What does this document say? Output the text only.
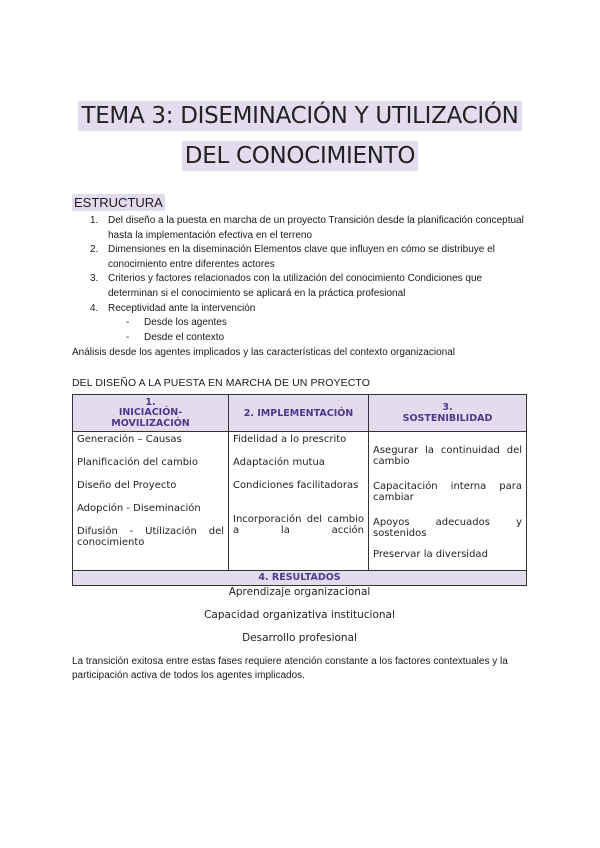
TEMA 3: DISEMINACIÓN Y UTILIZACIÓN
DEL CONOCIMIENTO
ESTRUCTURA
1. Del diseño a la puesta en marcha de un proyecto Transición desde la planificación conceptual hasta la implementación efectiva en el terreno
2. Dimensiones en la diseminación Elementos clave que influyen en cómo se distribuye el conocimiento entre diferentes actores
3. Criterios y factores relacionados con la utilización del conocimiento Condiciones que determinan si el conocimiento se aplicará en la práctica profesional
4. Receptividad ante la intervención
- Desde los agentes
- Desde el contexto
Análisis desde los agentes implicados y las características del contexto organizacional
DEL DISEÑO A LA PUESTA EN MARCHA DE UN PROYECTO
1.
INICIACIÓN-MOVILIZACIÓN
2. IMPLEMENTACIÓN
3.
SOSTENIBILIDAD
Generación – Causas
Planificación del cambio
Diseño del Proyecto
Adopción - Diseminación
Difusión - Utilización del conocimiento
Fidelidad a lo prescrito
Adaptación mutua
Condiciones facilitadoras
Incorporación del cambio a la acción
Asegurar la continuidad del cambio
Capacitación interna para cambiar
Apoyos adecuados y sostenidos
Preservar la diversidad
4. RESULTADOS
Aprendizaje organizacional
Capacidad organizativa institucional
Desarrollo profesional
La transición exitosa entre estas fases requiere atención constante a los factores contextuales y la participación activa de todos los agentes implicados.
